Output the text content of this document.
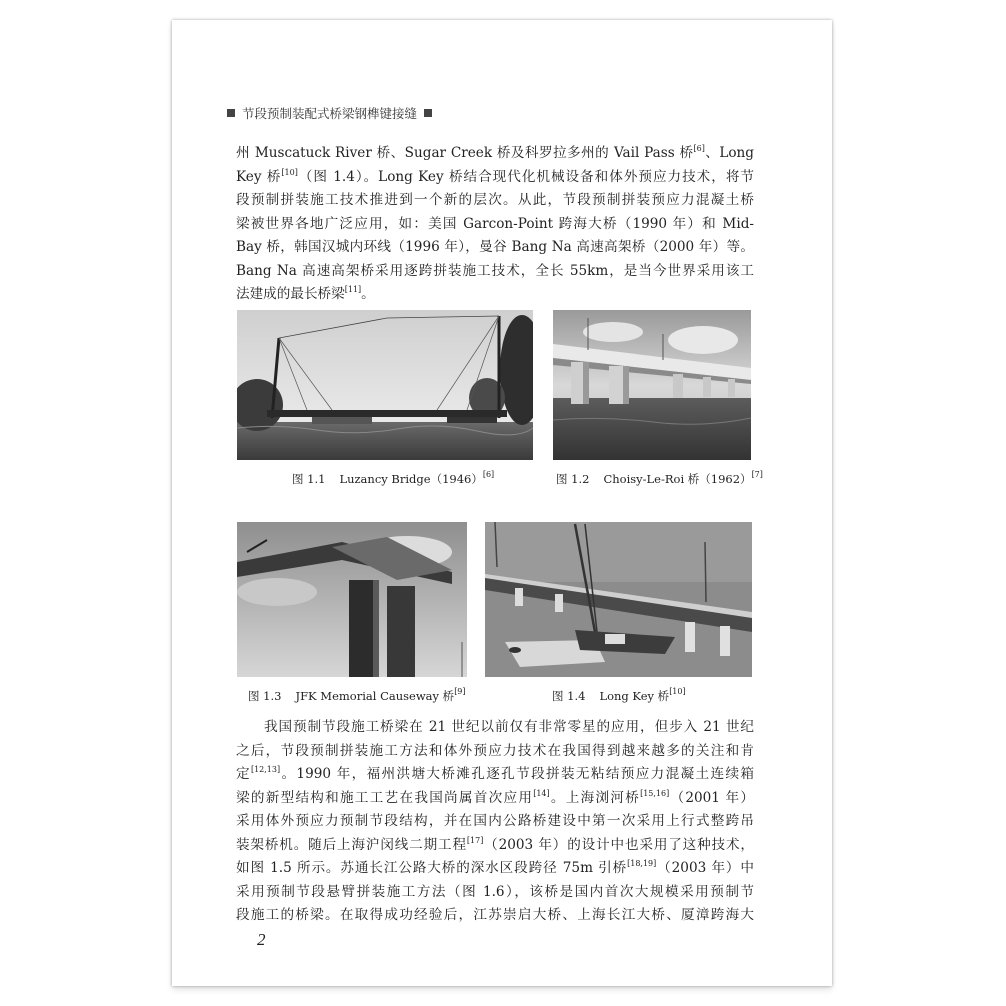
节段预制装配式桥梁钢榫键接缝
州 Muscatuck River 桥、Sugar Creek 桥及科罗拉多州的 Vail Pass 桥[6]、Long
Key 桥[10]（图 1.4）。Long Key 桥结合现代化机械设备和体外预应力技术，将节
段预制拼装施工技术推进到一个新的层次。从此，节段预制拼装预应力混凝土桥
梁被世界各地广泛应用，如：美国 Garcon-Point 跨海大桥（1990 年）和 Mid-
Bay 桥，韩国汉城内环线（1996 年），曼谷 Bang Na 高速高架桥（2000 年）等。
Bang Na 高速高架桥采用逐跨拼装施工技术，全长 55km，是当今世界采用该工
法建成的最长桥梁[11]。
图 1.1 Luzancy Bridge（1946）[6]	图 1.2 Choisy-Le-Roi 桥（1962）[7]
图 1.3 JFK Memorial Causeway 桥[9]	图 1.4 Long Key 桥[10]
我国预制节段施工桥梁在 21 世纪以前仅有非常零星的应用，但步入 21 世纪
之后，节段预制拼装施工方法和体外预应力技术在我国得到越来越多的关注和肯
定[12,13]。1990 年，福州洪塘大桥滩孔逐孔节段拼装无粘结预应力混凝土连续箱
梁的新型结构和施工工艺在我国尚属首次应用[14]。上海浏河桥[15,16]（2001 年）
采用体外预应力预制节段结构，并在国内公路桥建设中第一次采用上行式整跨吊
装架桥机。随后上海沪闵线二期工程[17]（2003 年）的设计中也采用了这种技术，
如图 1.5 所示。苏通长江公路大桥的深水区段跨径 75m 引桥[18,19]（2003 年）中
采用预制节段悬臂拼装施工方法（图 1.6），该桥是国内首次大规模采用预制节
段施工的桥梁。在取得成功经验后，江苏崇启大桥、上海长江大桥、厦漳跨海大
2
